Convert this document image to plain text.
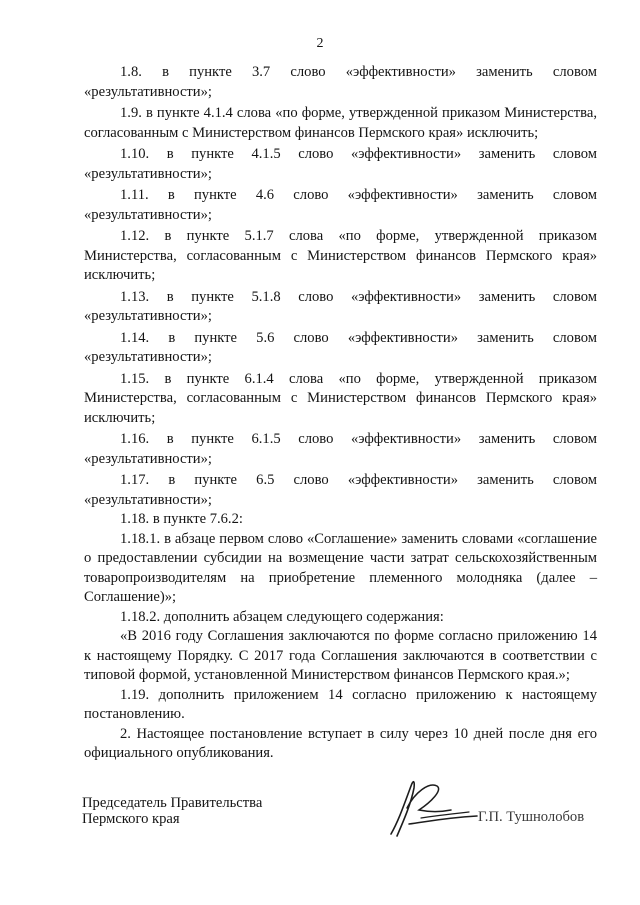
2

1.8. в пункте 3.7 слово «эффективности» заменить словом «результативности»;

1.9. в пункте 4.1.4 слова «по форме, утвержденной приказом Министерства, согласованным с Министерством финансов Пермского края» исключить;

1.10. в пункте 4.1.5 слово «эффективности» заменить словом «результативности»;

1.11. в пункте 4.6 слово «эффективности» заменить словом «результативности»;

1.12. в пункте 5.1.7 слова «по форме, утвержденной приказом Министерства, согласованным с Министерством финансов Пермского края» исключить;

1.13. в пункте 5.1.8 слово «эффективности» заменить словом «результативности»;

1.14. в пункте 5.6 слово «эффективности» заменить словом «результативности»;

1.15. в пункте 6.1.4 слова «по форме, утвержденной приказом Министерства, согласованным с Министерством финансов Пермского края» исключить;

1.16. в пункте 6.1.5 слово «эффективности» заменить словом «результативности»;

1.17. в пункте 6.5 слово «эффективности» заменить словом «результативности»;

1.18. в пункте 7.6.2:

1.18.1. в абзаце первом слово «Соглашение» заменить словами «соглашение о предоставлении субсидии на возмещение части затрат сельскохозяйственным товаропроизводителям на приобретение племенного молодняка (далее – Соглашение)»;

1.18.2. дополнить абзацем следующего содержания:

«В 2016 году Соглашения заключаются по форме согласно приложению 14 к настоящему Порядку. С 2017 года Соглашения заключаются в соответствии с типовой формой, установленной Министерством финансов Пермского края.»;

1.19. дополнить приложением 14 согласно приложению к настоящему постановлению.

2. Настоящее постановление вступает в силу через 10 дней после дня его официального опубликования.

Председатель Правительства
Пермского края	Г.П. Тушнолобов
